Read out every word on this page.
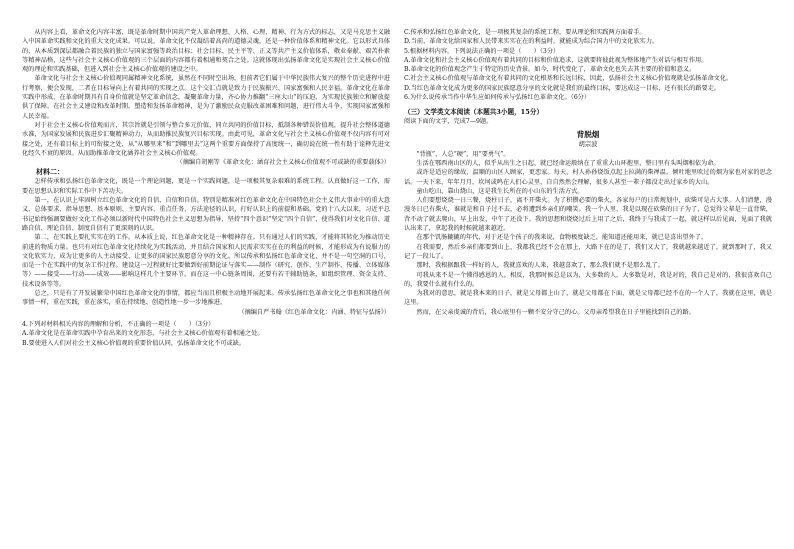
从内容上看，革命文化内容丰富，既是革命时期中国共产党人革命理想、人格、心理、精神、行为方式的标志，又是马克思主义融入中国革命实践和文化的重大文化成果。可以说，革命文化不仅凝结着高尚的道德灵魂，还是一种价值体系和精神文化。它以形式具体的，从本质到深层都融合着民族的独立与国家富强等政治目标；社会目标、民主平等、正义等共产主义价值体系，敬业奉献、艰苦朴素等精神品格，这些与社会主义核心价值观的三个层面的内容都有着相通和契合之处。这就体现出弘扬革命文化是实现社会主义核心价值观的理论和实践基础，但进入到社会主义核心价值观的建设之中。

革命文化与社会主义核心价值观同属精神文化系统，虽然在不同时空出场，但前者它们属于中华民族伟大复兴的整个历史进程中进行考察，便会发现，二者在目标导向上有着共同的实现之点。这个交汇点就是致力于民族振兴、国家富强和人民幸福。革命文化在革命实践中形成，在革命时期具有自身价值就是坚定革命信念，凝聚革命力量，齐心协力推翻“三座大山”的压迫，为实现民族独立和解放提供了保障。在社会主义建设和改革时期，塑造和发扬革命精神，是为了激励民众克服改革困难和问题，进行伟大斗争，实现国家富强和人民幸福。

对于社会主义核心价值观而言，其宗旨就是引领与整合多元价值，同立共同的价值目标，抵制各种错误价值观，提升社会整体道德水准，为国家发展和民族进步汇聚精神动力，从而助推民族复兴目标实现。由此可见，革命文化与社会主义核心价值观不仅内容有可对接之处，还有着目标上的可衔接之处，从“从哪里来”和“到哪里去”这两个重要方面保持了高度统一，确切说在统一性有助于诠释先进文化经久不衰的原因。从而助推革命文化涵养社会主义核心价值观。

（摘编自胡刚等《革命文化：涵育社会主义核心价值观不可或缺的重要载体》）

材料二：

怎样传承和弘扬红色革命文化，既是一个理论问题，更是一个实践问题，是一项极其复杂艰难的系统工程。认真做好这一工作，需要在思想认识和实际工作中下苦功夫。

第一，在认识上牢固树立红色革命文化的自信、自信和自信。特别是精准对红色革命文化在中国特色社会主义伟大事业中的重大意义、总体要求、指导思想、基本原则、主要内容、重点任务、方法途径的认识，打好认识上的前提和基础。党的十八大以来，习近平总书记始终强调要做好文化工作必须以新时代中国特色社会主义思想为指导，坚持“四个意识”坚定“四个自信”，使得我们对文化自信、道路自信、理论自信、制度自信有了更深刻的认识。

第二，在实践上要扎实实在的工作。从本质上说，红色革命文化是一种精神存在。只有通过人们的实践，才能将其转化为推动历史前进的物质力量。也只有对红色革命文化持续化为实践活动，并且结合国家和人民需求实实在在的利益的时候，才能形成为有说服力的文化软实力，成为让更多的人主动接受、让更多的国家民族愿意分享的文化。所以传承和弘扬红色革命文化，并不是一句空洞的口号，而是一个在实践中的复杂工作过程。建设这一过程就好比要做到好前期论证与落实——制作（研究、创作、生产制作、传播、立体媒体等）——接受——行动——成效——影响这样几个主要环节。而在这一中心链条周围，还要有若干辅助链条，如组织管理、资金支持、技术设备等等。

总之，只是有了开发展繁荣中国红色革命文化的事情，都应当而且积极主动地开展起来。传承弘扬红色革命文化之事也和其他任何事情一样，重在实践，重在落实，重在持续地、创造性地一步一步地推进。

（摘编自严书翰《红色革命文化：内涵、特征与弘扬》）

4.下列对材料相关内容的理解和分析，不正确的一项是（　　）（3分）

A.革命文化是在革命实践中孕育出来的文化形态，与社会主义核心价值观有着相通之处。

B.要使进入人们对社会主义核心价值观的重要价值认同，弘扬革命文化不可或缺。

C.传承和弘扬红色革命文化，是一项极其复杂的系统工程，要从理论和实践两方面着手。

D.当前，革命文化给国家和人民带来实实在在的利益时，就能成为综合国力中的文化软实力。

5.根据材料内容，下列说法正确的一项是（　　）（3分）

A.革命文化和社会主义核心价值观有着共同的目标和价值追求，这就要将彼此视为整体地产生对话与相互作用。

B.革命文化的价值观念产生于特定的历史背景。如今，时代变化了，革命文化也失去其主要的价值和意义。

C.社会主义核心价值观与革命文化有着共同的文化根基和长远目标，因此，弘扬社会主义核心价值观就是弘扬革命文化。

D.当红色革命文化成为更多的国家民族愿意分享的文化就是我们的最终目标，要达成这一目标，还有很长的路要走。

6.为什么说传承当作中华生应如何传承与弘扬红色革命文化。（6分）

（三）文学类文本阅读（本题共3小题，15分）

阅读下面的文字，完成7—9题。

背脱烟

胡宗波

“背瓶”，人总“硬”，用“要勇气”。

生活在鄂西南山区的人，似乎从出生之日起，就已经命运般纳在了重重大山环抱里，整日里有头叫烟相依为命。

或许是适应的缘故，温顺的山区人顾家，更恋家。每天，村人孙孙烧饭点起上拉满的柴禅温，倾吐地里吹过的烟为家也对家的思念话。一天下来，年年月月，坎坷或鸣在人们心灵里，自自然然会理解，很多人甚至一辈子都没走出过家乡的大山。

童山吃山，靠山烧山，这是我生长所在的小山东的生活方式。

人们要想烧烧一日三餐，烧柱日子，离不开柴火。为了积攒必要的柴火，各家每户的日常规划中，砍柴可是占大事。人们清楚，漫漫冬日已有柴火，谁就是和自子过不去，必将遭到乡亲们的嘲笑。我一个人里，我是以现在砍柴的日子为了，总觉得父辈是一直背柴，背不动了就去爬山，早上出发，中午了还没下。我的思想和烧烧过后上用了之后，我终于与我成了一起，就这样以后见面，见面了我就认出来了，拿起我的时候就越来越近。

在那个饥肠辘辘的年代，对于还是个孩子的我来说，食物极度缺乏，能知道还能用来，就已是喜出望外了。

在我需要，然后乡亲们都要到山上，我都我已经不会在那上，大路下在的是了，我们又大了，我就越来越近了，就到那时了，我又记了一段儿了。

那时，我根据跟我一样好的人，我就喜欢的人来，我越喜欢了，那么我们就不是那么乱了。

可我从来不是一个懂得感恩的人。相反，我那时候总是以为，大多数的人，大多数是对，我是对的，我自己是对的，我很喜欢自己的，我要什么就有什么的。

为我对的意思，就是我本来的日子，就是父母都上山了，就是父母都在下面，就是父母都已经不在的一个人了，我就在这里，就是这里。

然而，在父亲虔诚的背后，我心底里有一颗不安分守己的心。父母亲希望我在日子里能找到自己的路。
